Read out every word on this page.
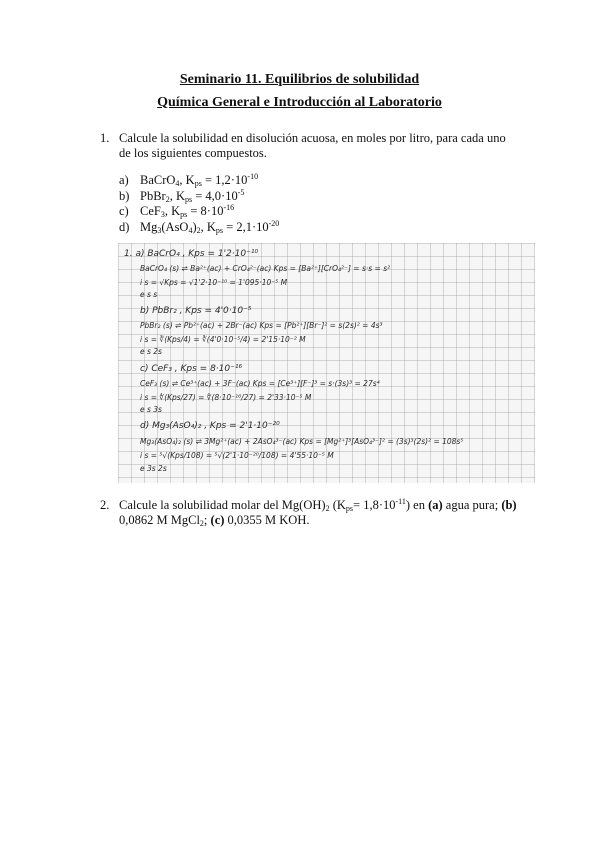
Seminario 11. Equilibrios de solubilidad
Química General e Introducción al Laboratorio
1. Calcule la solubilidad en disolución acuosa, en moles por litro, para cada uno de los siguientes compuestos.
a) BaCrO$_4$, $K_{ps} = 1,2\cdot 10^{-10}$
b) PbBr$_2$, $K_{ps} = 4,0\cdot 10^{-5}$
c) CeF$_3$, $K_{ps} = 8\cdot 10^{-16}$
d) $Mg_3(AsO_4)_2$, $K_{ps} = 2,1\cdot 10^{-20}$
1. a) BaCrO₄ , Kps = 1'2·10⁻¹⁰
BaCrO₄ (s) ⇌ Ba²⁺(ac) + CrO₄²⁻(ac) Kps = [Ba²⁺][CrO₄²⁻] = s·s = s²
i s = √Kps = √1'2·10⁻¹⁰ = 1'095·10⁻⁵ M
e s s
b) PbBr₂ , Kps = 4'0·10⁻⁵
PbBr₂ (s) ⇌ Pb²⁺(ac) + 2Br⁻(ac) Kps = [Pb²⁺][Br⁻]² = s(2s)² = 4s³
i s = ∛(Kps/4) = ∛(4'0·10⁻⁵/4) = 2'15·10⁻² M
e s 2s
c) CeF₃ , Kps = 8·10⁻¹⁶
CeF₃ (s) ⇌ Ce³⁺(ac) + 3F⁻(ac) Kps = [Ce³⁺][F⁻]³ = s·(3s)³ = 27s⁴
i s = ∜(Kps/27) = ∜(8·10⁻¹⁶/27) = 2'33·10⁻⁵ M
e s 3s
d) Mg₃(AsO₄)₂ , Kps = 2'1·10⁻²⁰
Mg₃(AsO₄)₂ (s) ⇌ 3Mg²⁺(ac) + 2AsO₄³⁻(ac) Kps = [Mg²⁺]³[AsO₄³⁻]² = (3s)³(2s)² = 108s⁵
i s = ⁵√(Kps/108) = ⁵√(2'1·10⁻²⁰/108) = 4'55·10⁻⁵ M
e 3s 2s
2. Calcule la solubilidad molar del $Mg(OH)_2$ $(K_{ps}= 1,8\cdot 10^{-11})$ en (a) agua pura; (b)
0,0862 M MgCl$_2$; (c) 0,0355 M KOH.
